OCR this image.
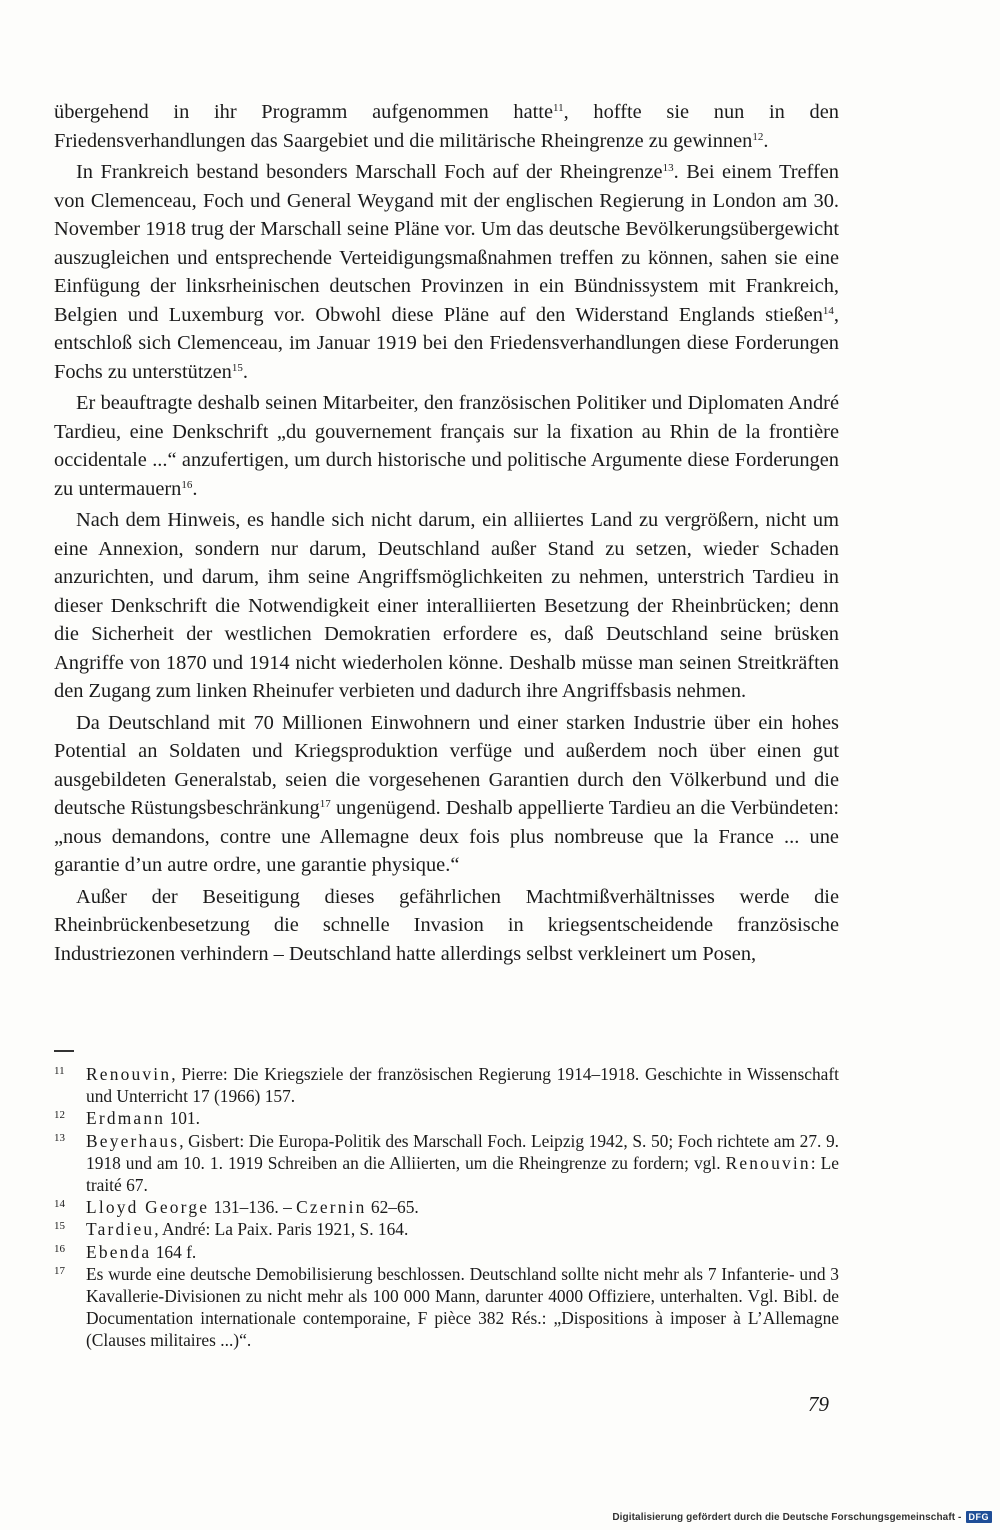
übergehend in ihr Programm aufgenommen hatte$^{11}$, hoffte sie nun in den Friedensverhandlungen das Saargebiet und die militärische Rheingrenze zu gewinnen$^{12}$.

In Frankreich bestand besonders Marschall Foch auf der Rheingrenze$^{13}$. Bei einem Treffen von Clemenceau, Foch und General Weygand mit der englischen Regierung in London am 30. November 1918 trug der Marschall seine Pläne vor. Um das deutsche Bevölkerungsübergewicht auszugleichen und entsprechende Verteidigungsmaßnahmen treffen zu können, sahen sie eine Einfügung der linksrheinischen deutschen Provinzen in ein Bündnissystem mit Frankreich, Belgien und Luxemburg vor. Obwohl diese Pläne auf den Widerstand Englands stießen$^{14}$, entschloß sich Clemenceau, im Januar 1919 bei den Friedensverhandlungen diese Forderungen Fochs zu unterstützen$^{15}$.

Er beauftragte deshalb seinen Mitarbeiter, den französischen Politiker und Diplomaten André Tardieu, eine Denkschrift „du gouvernement français sur la fixation au Rhin de la frontière occidentale ...“ anzufertigen, um durch historische und politische Argumente diese Forderungen zu untermauern$^{16}$.

Nach dem Hinweis, es handle sich nicht darum, ein alliiertes Land zu vergrößern, nicht um eine Annexion, sondern nur darum, Deutschland außer Stand zu setzen, wieder Schaden anzurichten, und darum, ihm seine Angriffsmöglichkeiten zu nehmen, unterstrich Tardieu in dieser Denkschrift die Notwendigkeit einer interalliierten Besetzung der Rheinbrücken; denn die Sicherheit der westlichen Demokratien erfordere es, daß Deutschland seine brüsken Angriffe von 1870 und 1914 nicht wiederholen könne. Deshalb müsse man seinen Streitkräften den Zugang zum linken Rheinufer verbieten und dadurch ihre Angriffsbasis nehmen.

Da Deutschland mit 70 Millionen Einwohnern und einer starken Industrie über ein hohes Potential an Soldaten und Kriegsproduktion verfüge und außerdem noch über einen gut ausgebildeten Generalstab, seien die vorgesehenen Garantien durch den Völkerbund und die deutsche Rüstungsbeschränkung$^{17}$ ungenügend. Deshalb appellierte Tardieu an die Verbündeten: „nous demandons, contre une Allemagne deux fois plus nombreuse que la France ... une garantie d’un autre ordre, une garantie physique.“

Außer der Beseitigung dieses gefährlichen Machtmißverhältnisses werde die Rheinbrückenbesetzung die schnelle Invasion in kriegsentscheidende französische Industriezonen verhindern – Deutschland hatte allerdings selbst verkleinert um Posen,

11 Renouvin, Pierre: Die Kriegsziele der französischen Regierung 1914–1918. Geschichte in Wissenschaft und Unterricht 17 (1966) 157.
12 Erdmann 101.
13 Beyerhaus, Gisbert: Die Europa-Politik des Marschall Foch. Leipzig 1942, S. 50; Foch richtete am 27. 9. 1918 und am 10. 1. 1919 Schreiben an die Alliierten, um die Rheingrenze zu fordern; vgl. Renouvin: Le traité 67.
14 Lloyd George 131–136. – Czernin 62–65.
15 Tardieu, André: La Paix. Paris 1921, S. 164.
16 Ebenda 164 f.
17 Es wurde eine deutsche Demobilisierung beschlossen. Deutschland sollte nicht mehr als 7 Infanterie- und 3 Kavallerie-Divisionen zu nicht mehr als 100 000 Mann, darunter 4000 Offiziere, unterhalten. Vgl. Bibl. de Documentation internationale contemporaine, F pièce 382 Rés.: „Dispositions à imposer à L’Allemagne (Clauses militaires ...)“.
79
Digitalisierung gefördert durch die Deutsche Forschungsgemeinschaft - DFG
